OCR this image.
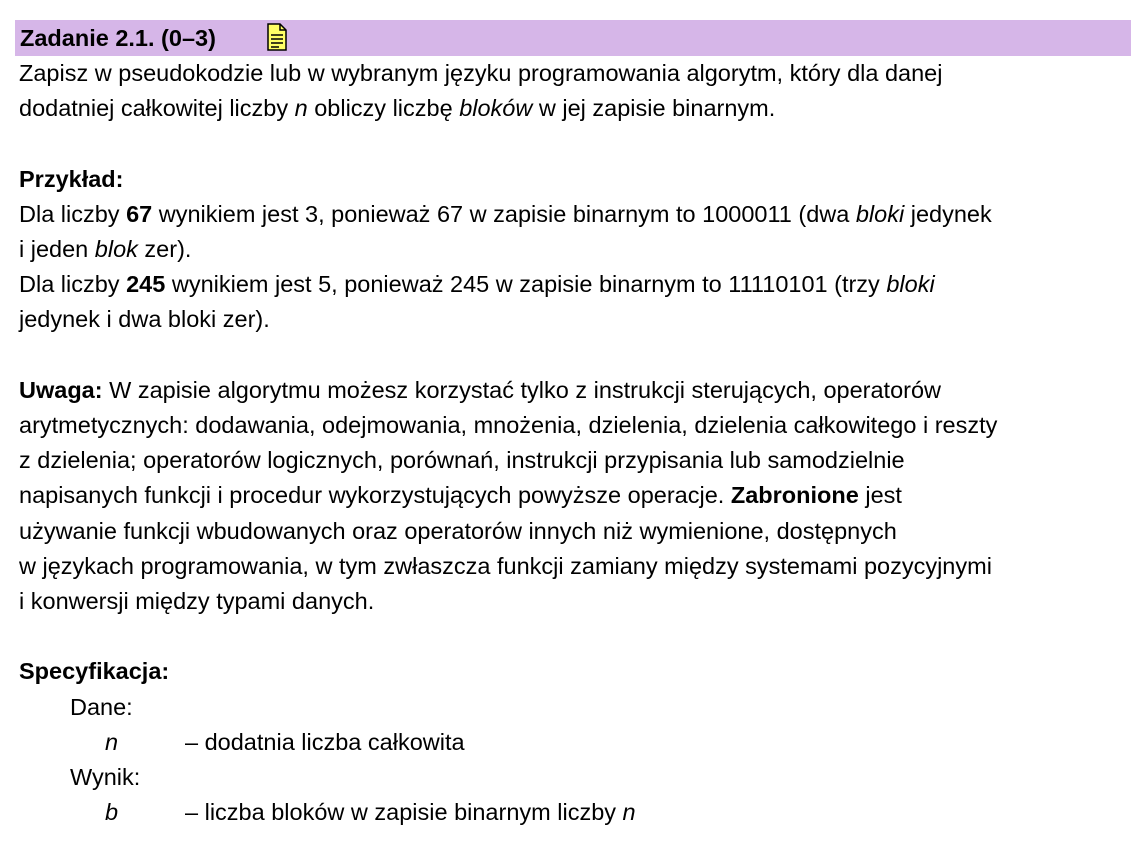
Zadanie 2.1. (0–3)

Zapisz w pseudokodzie lub w wybranym języku programowania algorytm, który dla danej

dodatniej całkowitej liczby n obliczy liczbę bloków w jej zapisie binarnym.

Przykład:

Dla liczby 67 wynikiem jest 3, ponieważ 67 w zapisie binarnym to 1000011 (dwa bloki jedynek

i jeden blok zer).

Dla liczby 245 wynikiem jest 5, ponieważ 245 w zapisie binarnym to 11110101 (trzy bloki

jedynek i dwa bloki zer).

Uwaga: W zapisie algorytmu możesz korzystać tylko z instrukcji sterujących, operatorów

arytmetycznych: dodawania, odejmowania, mnożenia, dzielenia, dzielenia całkowitego i reszty

z dzielenia; operatorów logicznych, porównań, instrukcji przypisania lub samodzielnie

napisanych funkcji i procedur wykorzystujących powyższe operacje. Zabronione jest

używanie funkcji wbudowanych oraz operatorów innych niż wymienione, dostępnych

w językach programowania, w tym zwłaszcza funkcji zamiany między systemami pozycyjnymi

i konwersji między typami danych.

Specyfikacja:

Dane:
n	– dodatnia liczba całkowita
Wynik:
b	– liczba bloków w zapisie binarnym liczby n
